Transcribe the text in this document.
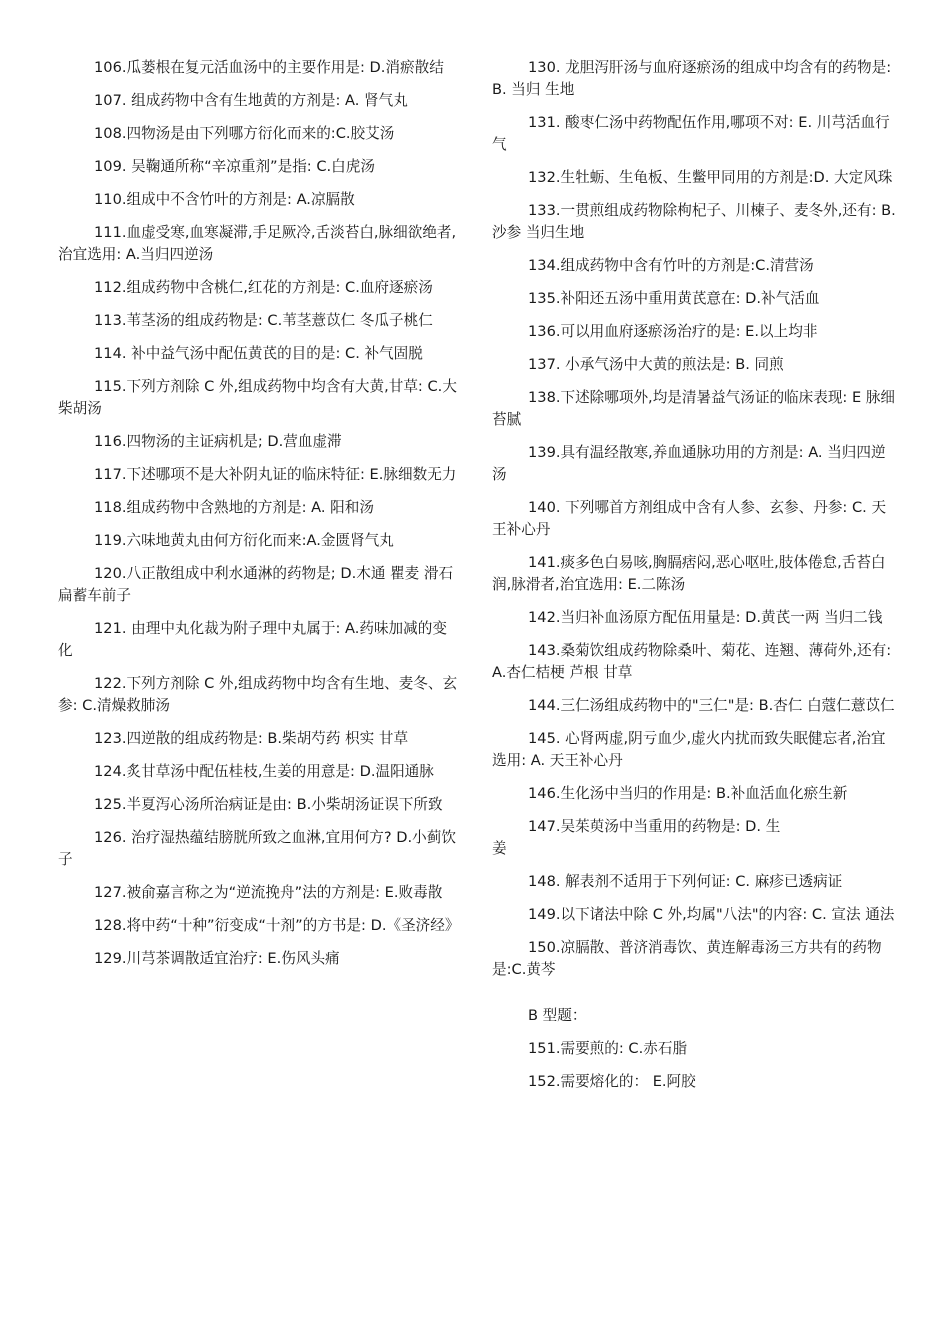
106.瓜蒌根在复元活血汤中的主要作用是: D.消瘀散结

107. 组成药物中含有生地黄的方剂是: A. 肾气丸

108.四物汤是由下列哪方衍化而来的:C.胶艾汤

109. 吴鞠通所称“辛凉重剂”是指: C.白虎汤

110.组成中不含竹叶的方剂是: A.凉膈散

111.血虚受寒,血寒凝滞,手足厥冷,舌淡苔白,脉细欲绝者,治宜选用: A.当归四逆汤

112.组成药物中含桃仁,红花的方剂是: C.血府逐瘀汤

113.苇茎汤的组成药物是: C.苇茎薏苡仁 冬瓜子桃仁

114. 补中益气汤中配伍黄芪的目的是: C. 补气固脱

115.下列方剂除 C 外,组成药物中均含有大黄,甘草: C.大柴胡汤

116.四物汤的主证病机是; D.营血虚滞

117.下述哪项不是大补阴丸证的临床特征: E.脉细数无力

118.组成药物中含熟地的方剂是: A. 阳和汤

119.六味地黄丸由何方衍化而来:A.金匮肾气丸

120.八正散组成中利水通淋的药物是; D.木通 瞿麦 滑石 扁蓄车前子

121. 由理中丸化裁为附子理中丸属于: A.药味加减的变化

122.下列方剂除 C 外,组成药物中均含有生地、麦冬、玄参: C.清燥救肺汤

123.四逆散的组成药物是: B.柴胡芍药 枳实 甘草

124.炙甘草汤中配伍桂枝,生姜的用意是: D.温阳通脉

125.半夏泻心汤所治病证是由: B.小柴胡汤证误下所致

126. 治疗湿热蕴结膀胱所致之血淋,宜用何方? D.小蓟饮子

127.被俞嘉言称之为“逆流挽舟”法的方剂是: E.败毒散

128.将中药“十种”衍变成“十剂”的方书是: D.《圣济经》

129.川芎茶调散适宜治疗: E.伤风头痛

130. 龙胆泻肝汤与血府逐瘀汤的组成中均含有的药物是: B. 当归 生地

131. 酸枣仁汤中药物配伍作用,哪项不对: E. 川芎活血行气

132.生牡蛎、生龟板、生鳖甲同用的方剂是:D. 大定风珠

133.一贯煎组成药物除枸杞子、川楝子、麦冬外,还有: B. 沙参 当归生地

134.组成药物中含有竹叶的方剂是:C.清营汤

135.补阳还五汤中重用黄芪意在: D.补气活血

136.可以用血府逐瘀汤治疗的是: E.以上均非

137. 小承气汤中大黄的煎法是: B. 同煎

138.下述除哪项外,均是清暑益气汤证的临床表现: E 脉细苔腻

139.具有温经散寒,养血通脉功用的方剂是: A. 当归四逆汤

140. 下列哪首方剂组成中含有人参、玄参、丹参: C. 天王补心丹

141.痰多色白易咳,胸膈痞闷,恶心呕吐,肢体倦怠,舌苔白润,脉滑者,治宜选用: E.二陈汤

142.当归补血汤原方配伍用量是: D.黄芪一两 当归二钱

143.桑菊饮组成药物除桑叶、菊花、连翘、薄荷外,还有: A.杏仁桔梗 芦根 甘草

144.三仁汤组成药物中的"三仁"是: B.杏仁 白蔻仁薏苡仁

145. 心肾两虚,阴亏血少,虚火内扰而致失眠健忘者,治宜选用: A. 天王补心丹

146.生化汤中当归的作用是: B.补血活血化瘀生新

147.吴茱萸汤中当重用的药物是: D. 生
姜

148. 解表剂不适用于下列何证: C. 麻疹已透病证

149.以下诸法中除 C 外,均属"八法"的内容: C. 宣法 通法

150.凉膈散、普济消毒饮、黄连解毒汤三方共有的药物是:C.黄芩

B 型题：

151.需要煎的: C.赤石脂

152.需要熔化的： E.阿胶
